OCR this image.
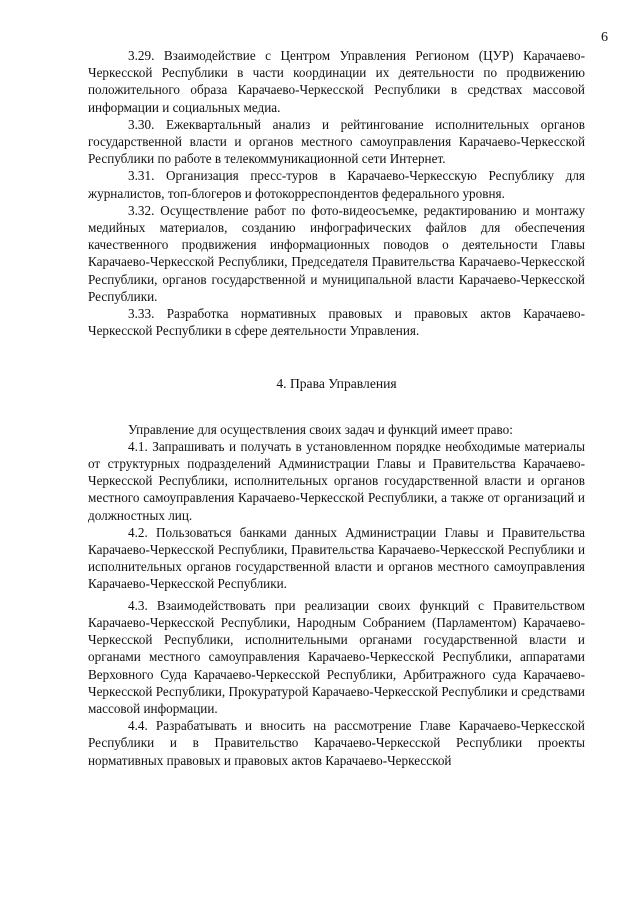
6

3.29. Взаимодействие с Центром Управления Регионом (ЦУР) Карачаево-Черкесской Республики в части координации их деятельности по продвижению положительного образа Карачаево-Черкесской Республики в средствах массовой информации и социальных медиа.

3.30. Ежеквартальный анализ и рейтингование исполнительных органов государственной власти и органов местного самоуправления Карачаево-Черкесской Республики по работе в телекоммуникационной сети Интернет.

3.31. Организация пресс-туров в Карачаево-Черкесскую Республику для журналистов, топ-блогеров и фотокорреспондентов федерального уровня.

3.32. Осуществление работ по фото-видеосъемке, редактированию и монтажу медийных материалов, созданию инфографических файлов для обеспечения качественного продвижения информационных поводов о деятельности Главы Карачаево-Черкесской Республики, Председателя Правительства Карачаево-Черкесской Республики, органов государственной и муниципальной власти Карачаево-Черкесской Республики.

3.33. Разработка нормативных правовых и правовых актов Карачаево-Черкесской Республики в сфере деятельности Управления.

4. Права Управления

Управление для осуществления своих задач и функций имеет право:

4.1. Запрашивать и получать в установленном порядке необходимые материалы от структурных подразделений Администрации Главы и Правительства Карачаево-Черкесской Республики, исполнительных органов государственной власти и органов местного самоуправления Карачаево-Черкесской Республики, а также от организаций и должностных лиц.

4.2. Пользоваться банками данных Администрации Главы и Правительства Карачаево-Черкесской Республики, Правительства Карачаево-Черкесской Республики и исполнительных органов государственной власти и органов местного самоуправления Карачаево-Черкесской Республики.

4.3. Взаимодействовать при реализации своих функций с Правительством Карачаево-Черкесской Республики, Народным Собранием (Парламентом) Карачаево-Черкесской Республики, исполнительными органами государственной власти и органами местного самоуправления Карачаево-Черкесской Республики, аппаратами Верховного Суда Карачаево-Черкесской Республики, Арбитражного суда Карачаево-Черкесской Республики, Прокуратурой Карачаево-Черкесской Республики и средствами массовой информации.

4.4. Разрабатывать и вносить на рассмотрение Главе Карачаево-Черкесской Республики и в Правительство Карачаево-Черкесской Республики проекты нормативных правовых и правовых актов Карачаево-Черкесской
